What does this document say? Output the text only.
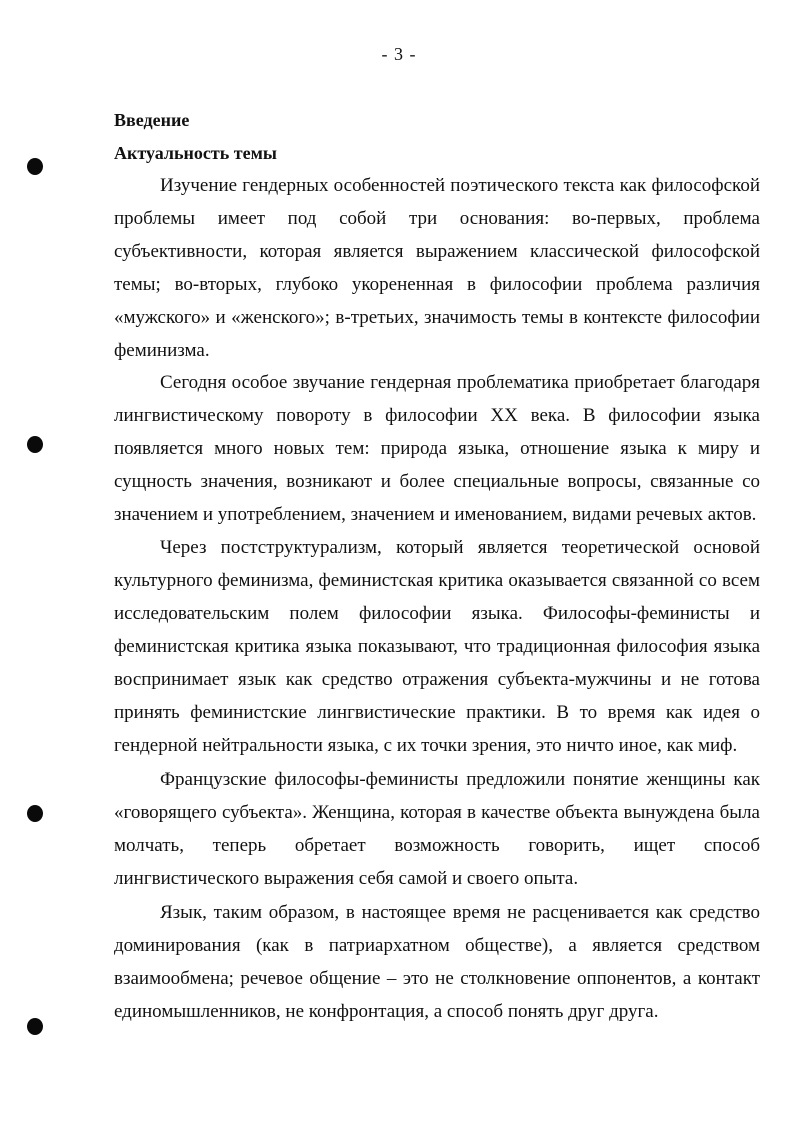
- 3 -
Введение
Актуальность темы

Изучение гендерных особенностей поэтического текста как философской проблемы имеет под собой три основания: во-первых, проблема субъективности, которая является выражением классической философской темы; во-вторых, глубоко укорененная в философии проблема различия «мужского» и «женского»; в-третьих, значимость темы в контексте философии феминизма.

Сегодня особое звучание гендерная проблематика приобретает благодаря лингвистическому повороту в философии XX века. В философии языка появляется много новых тем: природа языка, отношение языка к миру и сущность значения, возникают и более специальные вопросы, связанные со значением и употреблением, значением и именованием, видами речевых актов.

Через постструктурализм, который является теоретической основой культурного феминизма, феминистская критика оказывается связанной со всем исследовательским полем философии языка. Философы-феминисты и феминистская критика языка показывают, что традиционная философия языка воспринимает язык как средство отражения субъекта-мужчины и не готова принять феминистские лингвистические практики. В то время как идея о гендерной нейтральности языка, с их точки зрения, это ничто иное, как миф.

Французские философы-феминисты предложили понятие женщины как «говорящего субъекта». Женщина, которая в качестве объекта вынуждена была молчать, теперь обретает возможность говорить, ищет способ лингвистического выражения себя самой и своего опыта.

Язык, таким образом, в настоящее время не расценивается как средство доминирования (как в патриархатном обществе), а является средством взаимообмена; речевое общение – это не столкновение оппонентов, а контакт единомышленников, не конфронтация, а способ понять друг друга.
